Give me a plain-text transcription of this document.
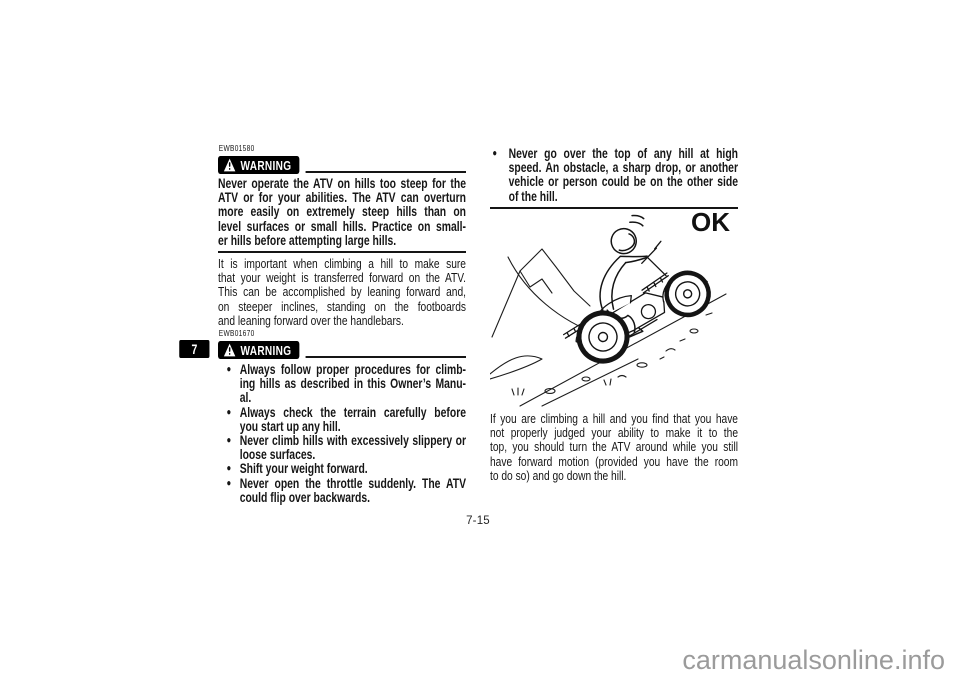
EWB01580
WARNING
Never operate the ATV on hills too steep for the
ATV or for your abilities. The ATV can overturn
more easily on extremely steep hills than on
level surfaces or small hills. Practice on small-
er hills before attempting large hills.
It is important when climbing a hill to make sure
that your weight is transferred forward on the ATV.
This can be accomplished by leaning forward and,
on steeper inclines, standing on the footboards
and leaning forward over the handlebars.
EWB01670
7	WARNING
● Always follow proper procedures for climb-
ing hills as described in this Owner’s Manu-
al.
● Always check the terrain carefully before
you start up any hill.
● Never climb hills with excessively slippery or
loose surfaces.
● Shift your weight forward.
● Never open the throttle suddenly. The ATV
could flip over backwards.
● Never go over the top of any hill at high
speed. An obstacle, a sharp drop, or another
vehicle or person could be on the other side
of the hill.
OK
If you are climbing a hill and you find that you have
not properly judged your ability to make it to the
top, you should turn the ATV around while you still
have forward motion (provided you have the room
to do so) and go down the hill.
7-15
carmanualsonline.info
